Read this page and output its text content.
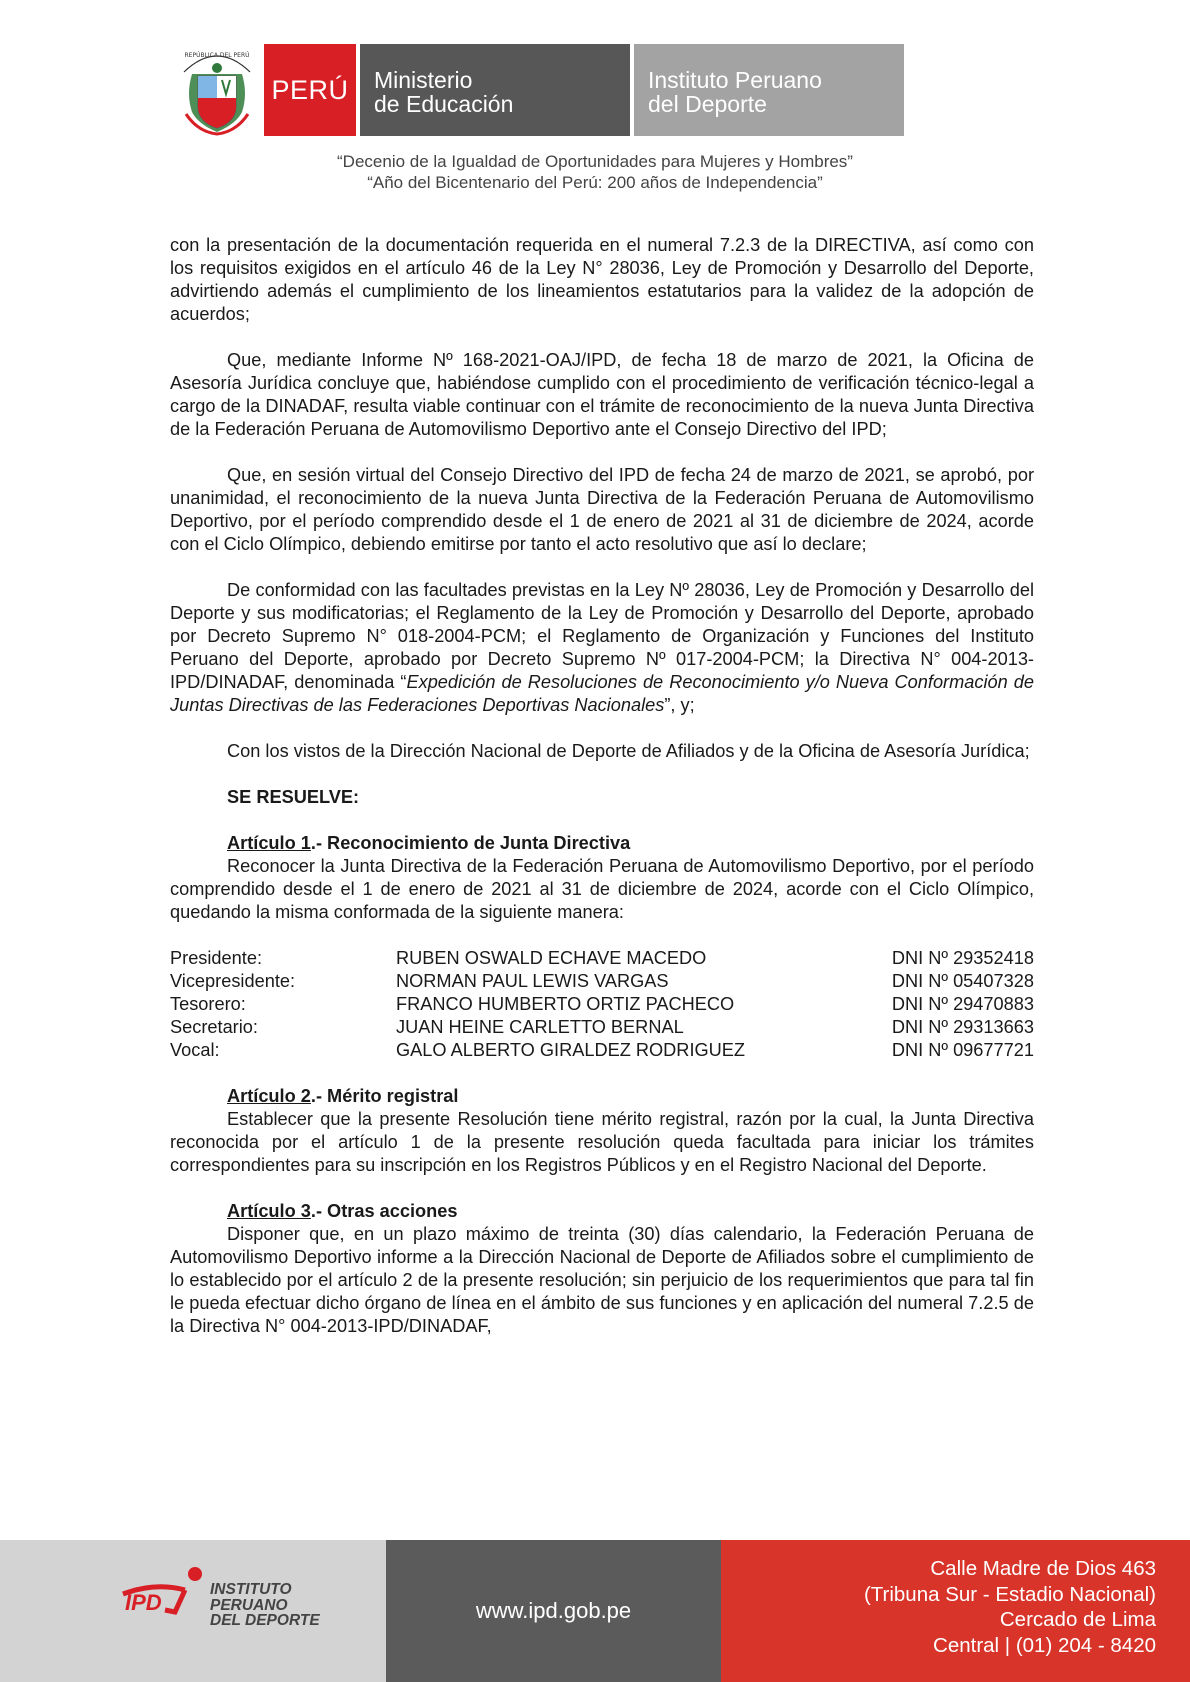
REPÚBLICA DEL PERÚ
PERÚ	Ministerio
de Educación
Instituto Peruano
del Deporte
“Decenio de la Igualdad de Oportunidades para Mujeres y Hombres”
“Año del Bicentenario del Perú: 200 años de Independencia”

con la presentación de la documentación requerida en el numeral 7.2.3 de la DIRECTIVA, así como con los requisitos exigidos en el artículo 46 de la Ley N° 28036, Ley de Promoción y Desarrollo del Deporte, advirtiendo además el cumplimiento de los lineamientos estatutarios para la validez de la adopción de acuerdos;

Que, mediante Informe Nº 168-2021-OAJ/IPD, de fecha 18 de marzo de 2021, la Oficina de Asesoría Jurídica concluye que, habiéndose cumplido con el procedimiento de verificación técnico-legal a cargo de la DINADAF, resulta viable continuar con el trámite de reconocimiento de la nueva Junta Directiva de la Federación Peruana de Automovilismo Deportivo ante el Consejo Directivo del IPD;

Que, en sesión virtual del Consejo Directivo del IPD de fecha 24 de marzo de 2021, se aprobó, por unanimidad, el reconocimiento de la nueva Junta Directiva de la Federación Peruana de Automovilismo Deportivo, por el período comprendido desde el 1 de enero de 2021 al 31 de diciembre de 2024, acorde con el Ciclo Olímpico, debiendo emitirse por tanto el acto resolutivo que así lo declare;

De conformidad con las facultades previstas en la Ley Nº 28036, Ley de Promoción y Desarrollo del Deporte y sus modificatorias; el Reglamento de la Ley de Promoción y Desarrollo del Deporte, aprobado por Decreto Supremo N° 018-2004-PCM; el Reglamento de Organización y Funciones del Instituto Peruano del Deporte, aprobado por Decreto Supremo Nº 017-2004-PCM; la Directiva N° 004-2013-IPD/DINADAF, denominada “Expedición de Resoluciones de Reconocimiento y/o Nueva Conformación de Juntas Directivas de las Federaciones Deportivas Nacionales”, y;

Con los vistos de la Dirección Nacional de Deporte de Afiliados y de la Oficina de Asesoría Jurídica;

SE RESUELVE:
Artículo 1.- Reconocimiento de Junta Directiva

Reconocer la Junta Directiva de la Federación Peruana de Automovilismo Deportivo, por el período comprendido desde el 1 de enero de 2021 al 31 de diciembre de 2024, acorde con el Ciclo Olímpico, quedando la misma conformada de la siguiente manera:

Presidente:	RUBEN OSWALD ECHAVE MACEDO	DNI Nº 29352418
Vicepresidente:	NORMAN PAUL LEWIS VARGAS	DNI Nº 05407328
Tesorero:	FRANCO HUMBERTO ORTIZ PACHECO	DNI Nº 29470883
Secretario:	JUAN HEINE CARLETTO BERNAL	DNI Nº 29313663
Vocal:	GALO ALBERTO GIRALDEZ RODRIGUEZ	DNI Nº 09677721
Artículo 2.- Mérito registral

Establecer que la presente Resolución tiene mérito registral, razón por la cual, la Junta Directiva reconocida por el artículo 1 de la presente resolución queda facultada para iniciar los trámites correspondientes para su inscripción en los Registros Públicos y en el Registro Nacional del Deporte.

Artículo 3.- Otras acciones

Disponer que, en un plazo máximo de treinta (30) días calendario, la Federación Peruana de Automovilismo Deportivo informe a la Dirección Nacional de Deporte de Afiliados sobre el cumplimiento de lo establecido por el artículo 2 de la presente resolución; sin perjuicio de los requerimientos que para tal fin le pueda efectuar dicho órgano de línea en el ámbito de sus funciones y en aplicación del numeral 7.2.5 de la Directiva N° 004-2013-IPD/DINADAF,

IPD
INSTITUTO
PERUANO
DEL DEPORTE	www.ipd.gob.pe
Calle Madre de Dios 463
(Tribuna Sur - Estadio Nacional)
Cercado de Lima
Central | (01) 204 - 8420
